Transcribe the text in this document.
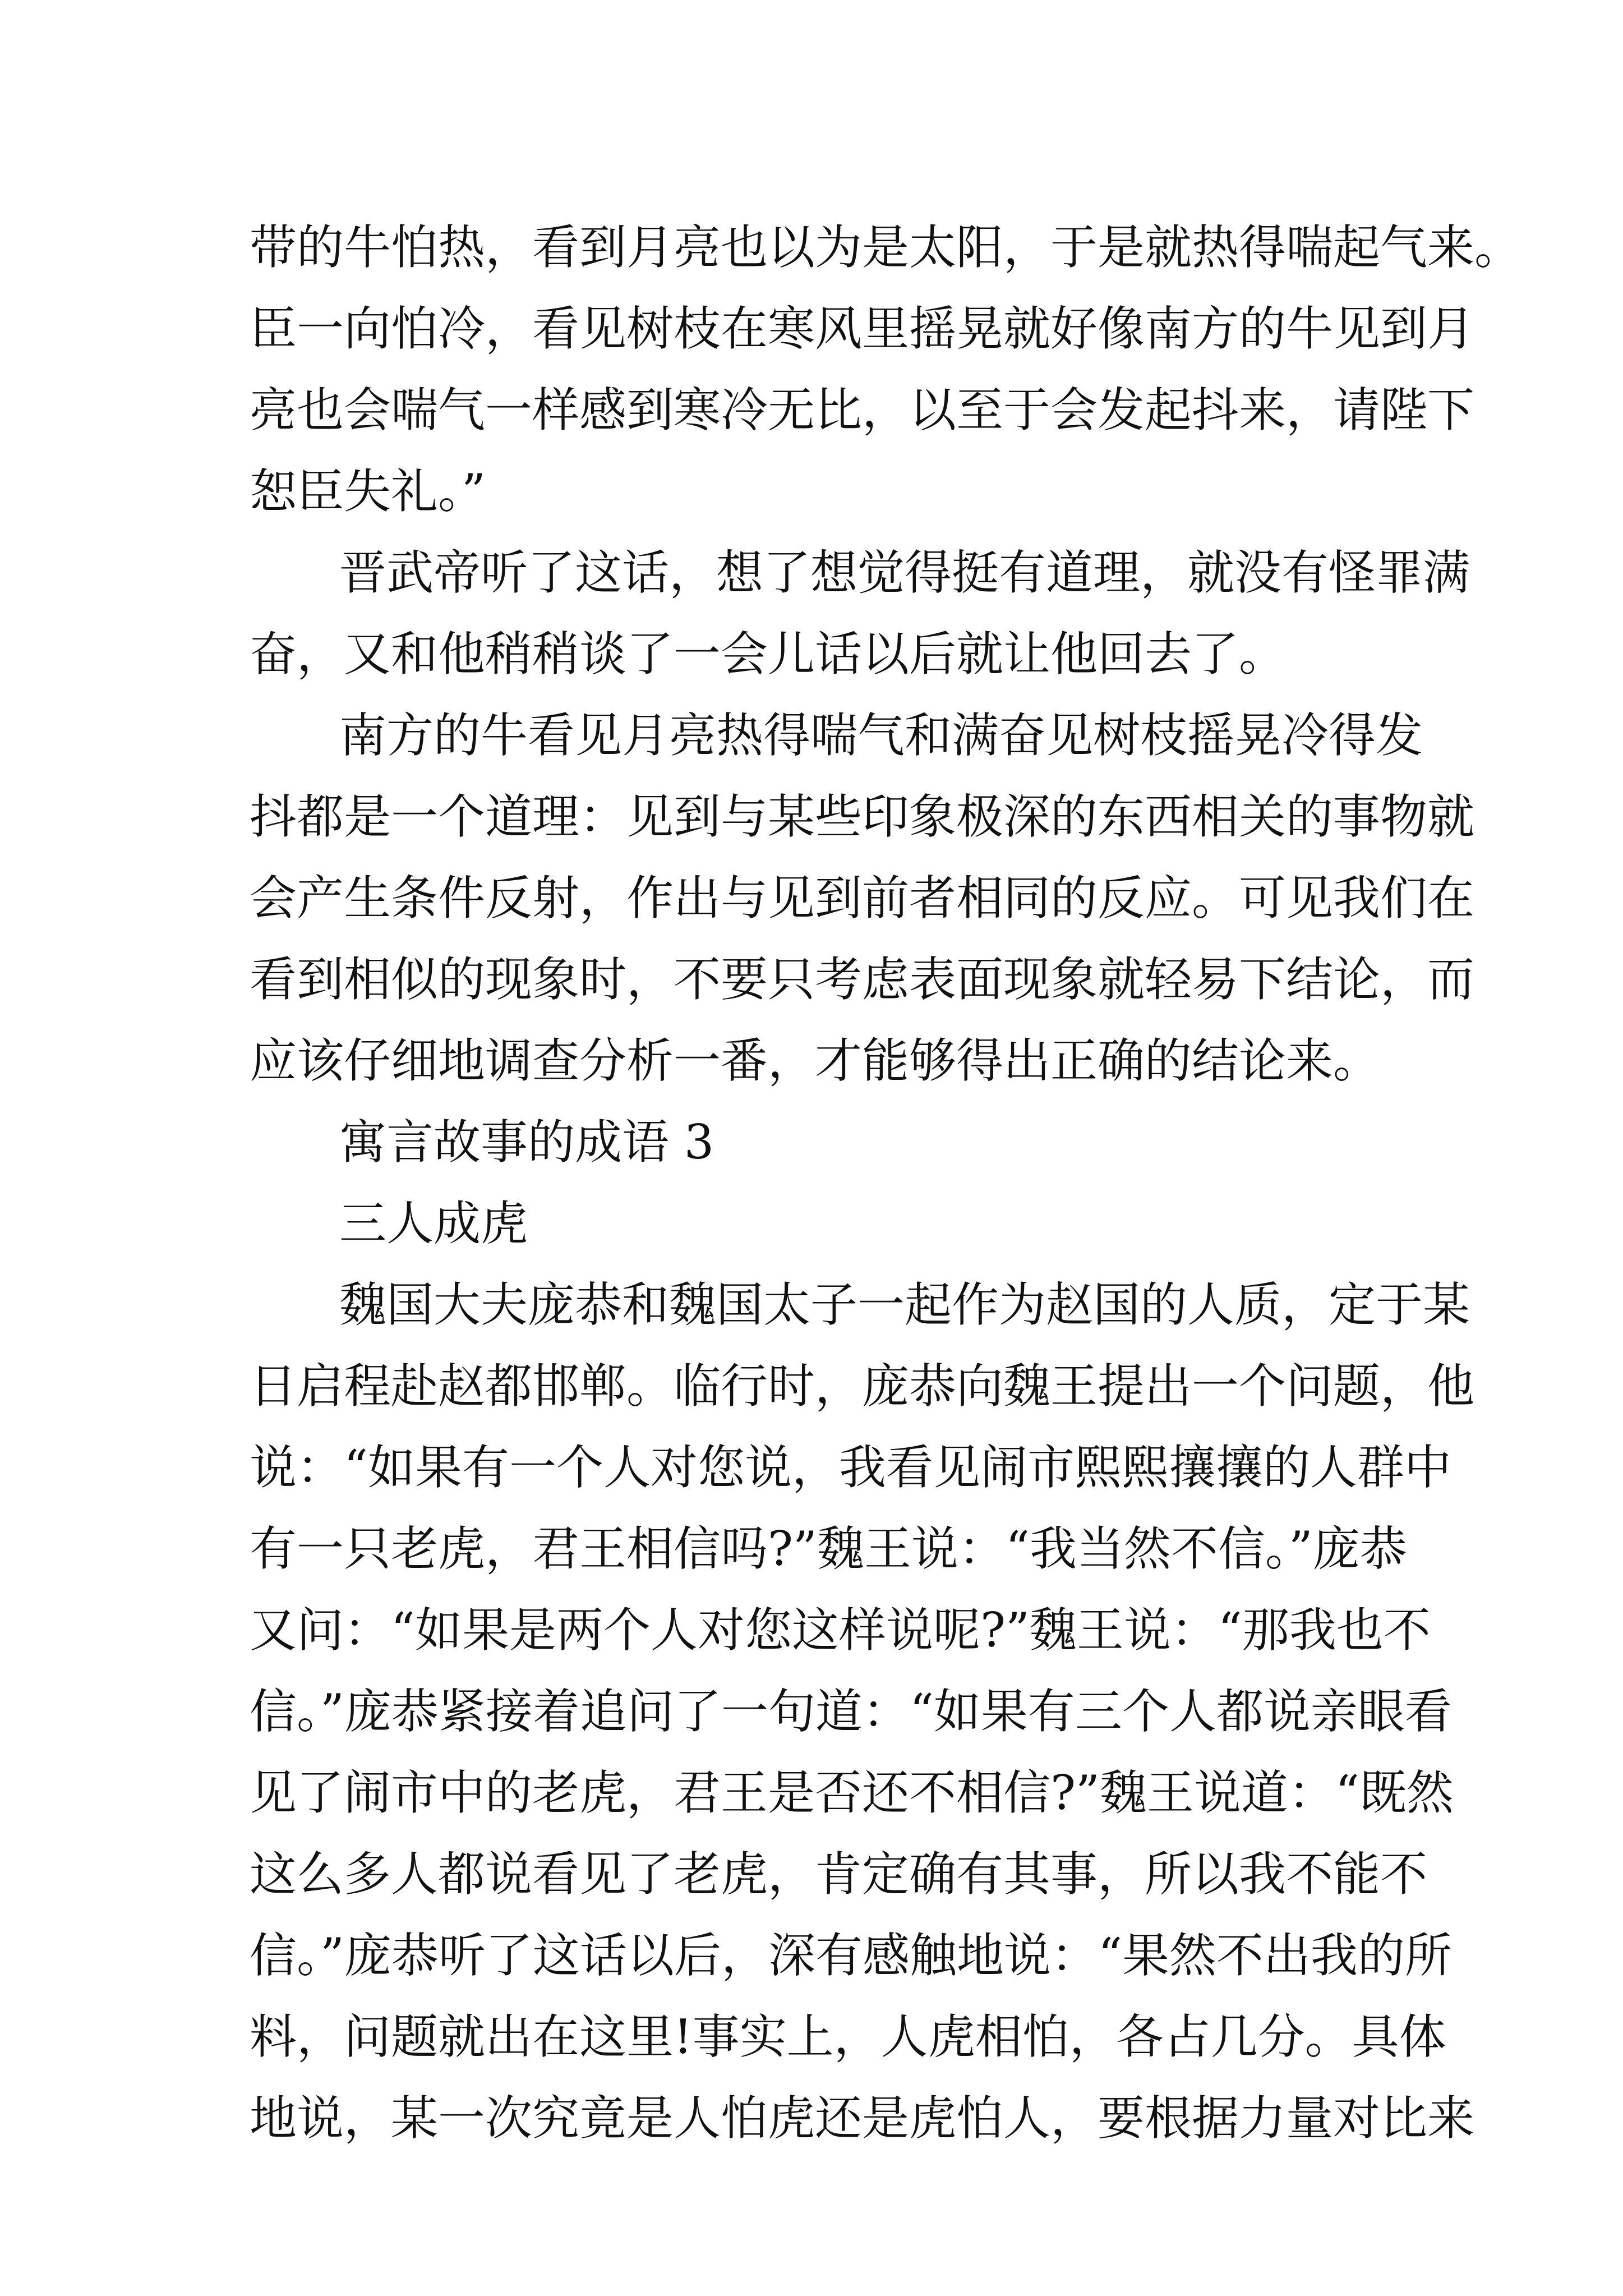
带的牛怕热，看到月亮也以为是太阳，于是就热得喘起气来。

臣一向怕冷，看见树枝在寒风里摇晃就好像南方的牛见到月

亮也会喘气一样感到寒冷无比，以至于会发起抖来，请陛下

恕臣失礼。”

晋武帝听了这话，想了想觉得挺有道理，就没有怪罪满

奋，又和他稍稍谈了一会儿话以后就让他回去了。

南方的牛看见月亮热得喘气和满奋见树枝摇晃冷得发

抖都是一个道理：见到与某些印象极深的东西相关的事物就

会产生条件反射，作出与见到前者相同的反应。可见我们在

看到相似的现象时，不要只考虑表面现象就轻易下结论，而

应该仔细地调查分析一番，才能够得出正确的结论来。

寓言故事的成语 3

三人成虎

魏国大夫庞恭和魏国太子一起作为赵国的人质，定于某

日启程赴赵都邯郸。临行时，庞恭向魏王提出一个问题，他

说：“如果有一个人对您说，我看见闹市熙熙攘攘的人群中

有一只老虎，君王相信吗?”魏王说：“我当然不信。”庞恭

又问：“如果是两个人对您这样说呢?”魏王说：“那我也不

信。”庞恭紧接着追问了一句道：“如果有三个人都说亲眼看

见了闹市中的老虎，君王是否还不相信?”魏王说道：“既然

这么多人都说看见了老虎，肯定确有其事，所以我不能不

信。”庞恭听了这话以后，深有感触地说：“果然不出我的所

料，问题就出在这里!事实上，人虎相怕，各占几分。具体

地说，某一次究竟是人怕虎还是虎怕人，要根据力量对比来
